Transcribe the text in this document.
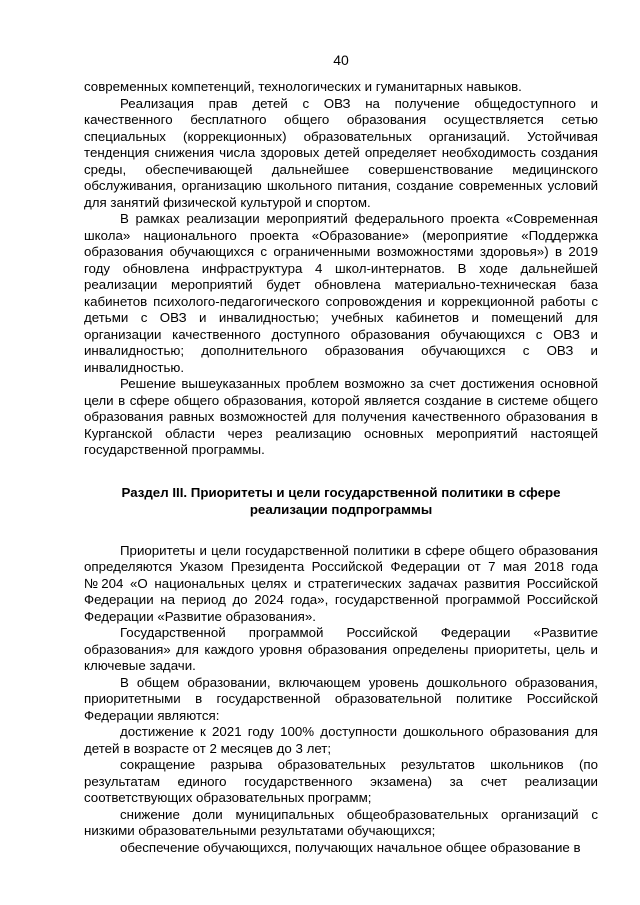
40

современных компетенций, технологических и гуманитарных навыков.

Реализация прав детей с ОВЗ на получение общедоступного и качественного бесплатного общего образования осуществляется сетью специальных (коррекционных) образовательных организаций. Устойчивая тенденция снижения числа здоровых детей определяет необходимость создания среды, обеспечивающей дальнейшее совершенствование медицинского обслуживания, организацию школьного питания, создание современных условий для занятий физической культурой и спортом.

В рамках реализации мероприятий федерального проекта «Современная школа» национального проекта «Образование» (мероприятие «Поддержка образования обучающихся с ограниченными возможностями здоровья») в 2019 году обновлена инфраструктура 4 школ-интернатов. В ходе дальнейшей реализации мероприятий будет обновлена материально-техническая база кабинетов психолого-педагогического сопровождения и коррекционной работы с детьми с ОВЗ и инвалидностью; учебных кабинетов и помещений для организации качественного доступного образования обучающихся с ОВЗ и инвалидностью; дополнительного образования обучающихся с ОВЗ и инвалидностью.

Решение вышеуказанных проблем возможно за счет достижения основной цели в сфере общего образования, которой является создание в системе общего образования равных возможностей для получения качественного образования в Курганской области через реализацию основных мероприятий настоящей государственной программы.

Раздел III. Приоритеты и цели государственной политики в сфере реализации подпрограммы

Приоритеты и цели государственной политики в сфере общего образования определяются Указом Президента Российской Федерации от 7 мая 2018 года №204 «О национальных целях и стратегических задачах развития Российской Федерации на период до 2024 года», государственной программой Российской Федерации «Развитие образования».

Государственной программой Российской Федерации «Развитие образования» для каждого уровня образования определены приоритеты, цель и ключевые задачи.

В общем образовании, включающем уровень дошкольного образования, приоритетными в государственной образовательной политике Российской Федерации являются:

достижение к 2021 году 100% доступности дошкольного образования для детей в возрасте от 2 месяцев до 3 лет;

сокращение разрыва образовательных результатов школьников (по результатам единого государственного экзамена) за счет реализации соответствующих образовательных программ;

снижение доли муниципальных общеобразовательных организаций с низкими образовательными результатами обучающихся;

обеспечение обучающихся, получающих начальное общее образование в
